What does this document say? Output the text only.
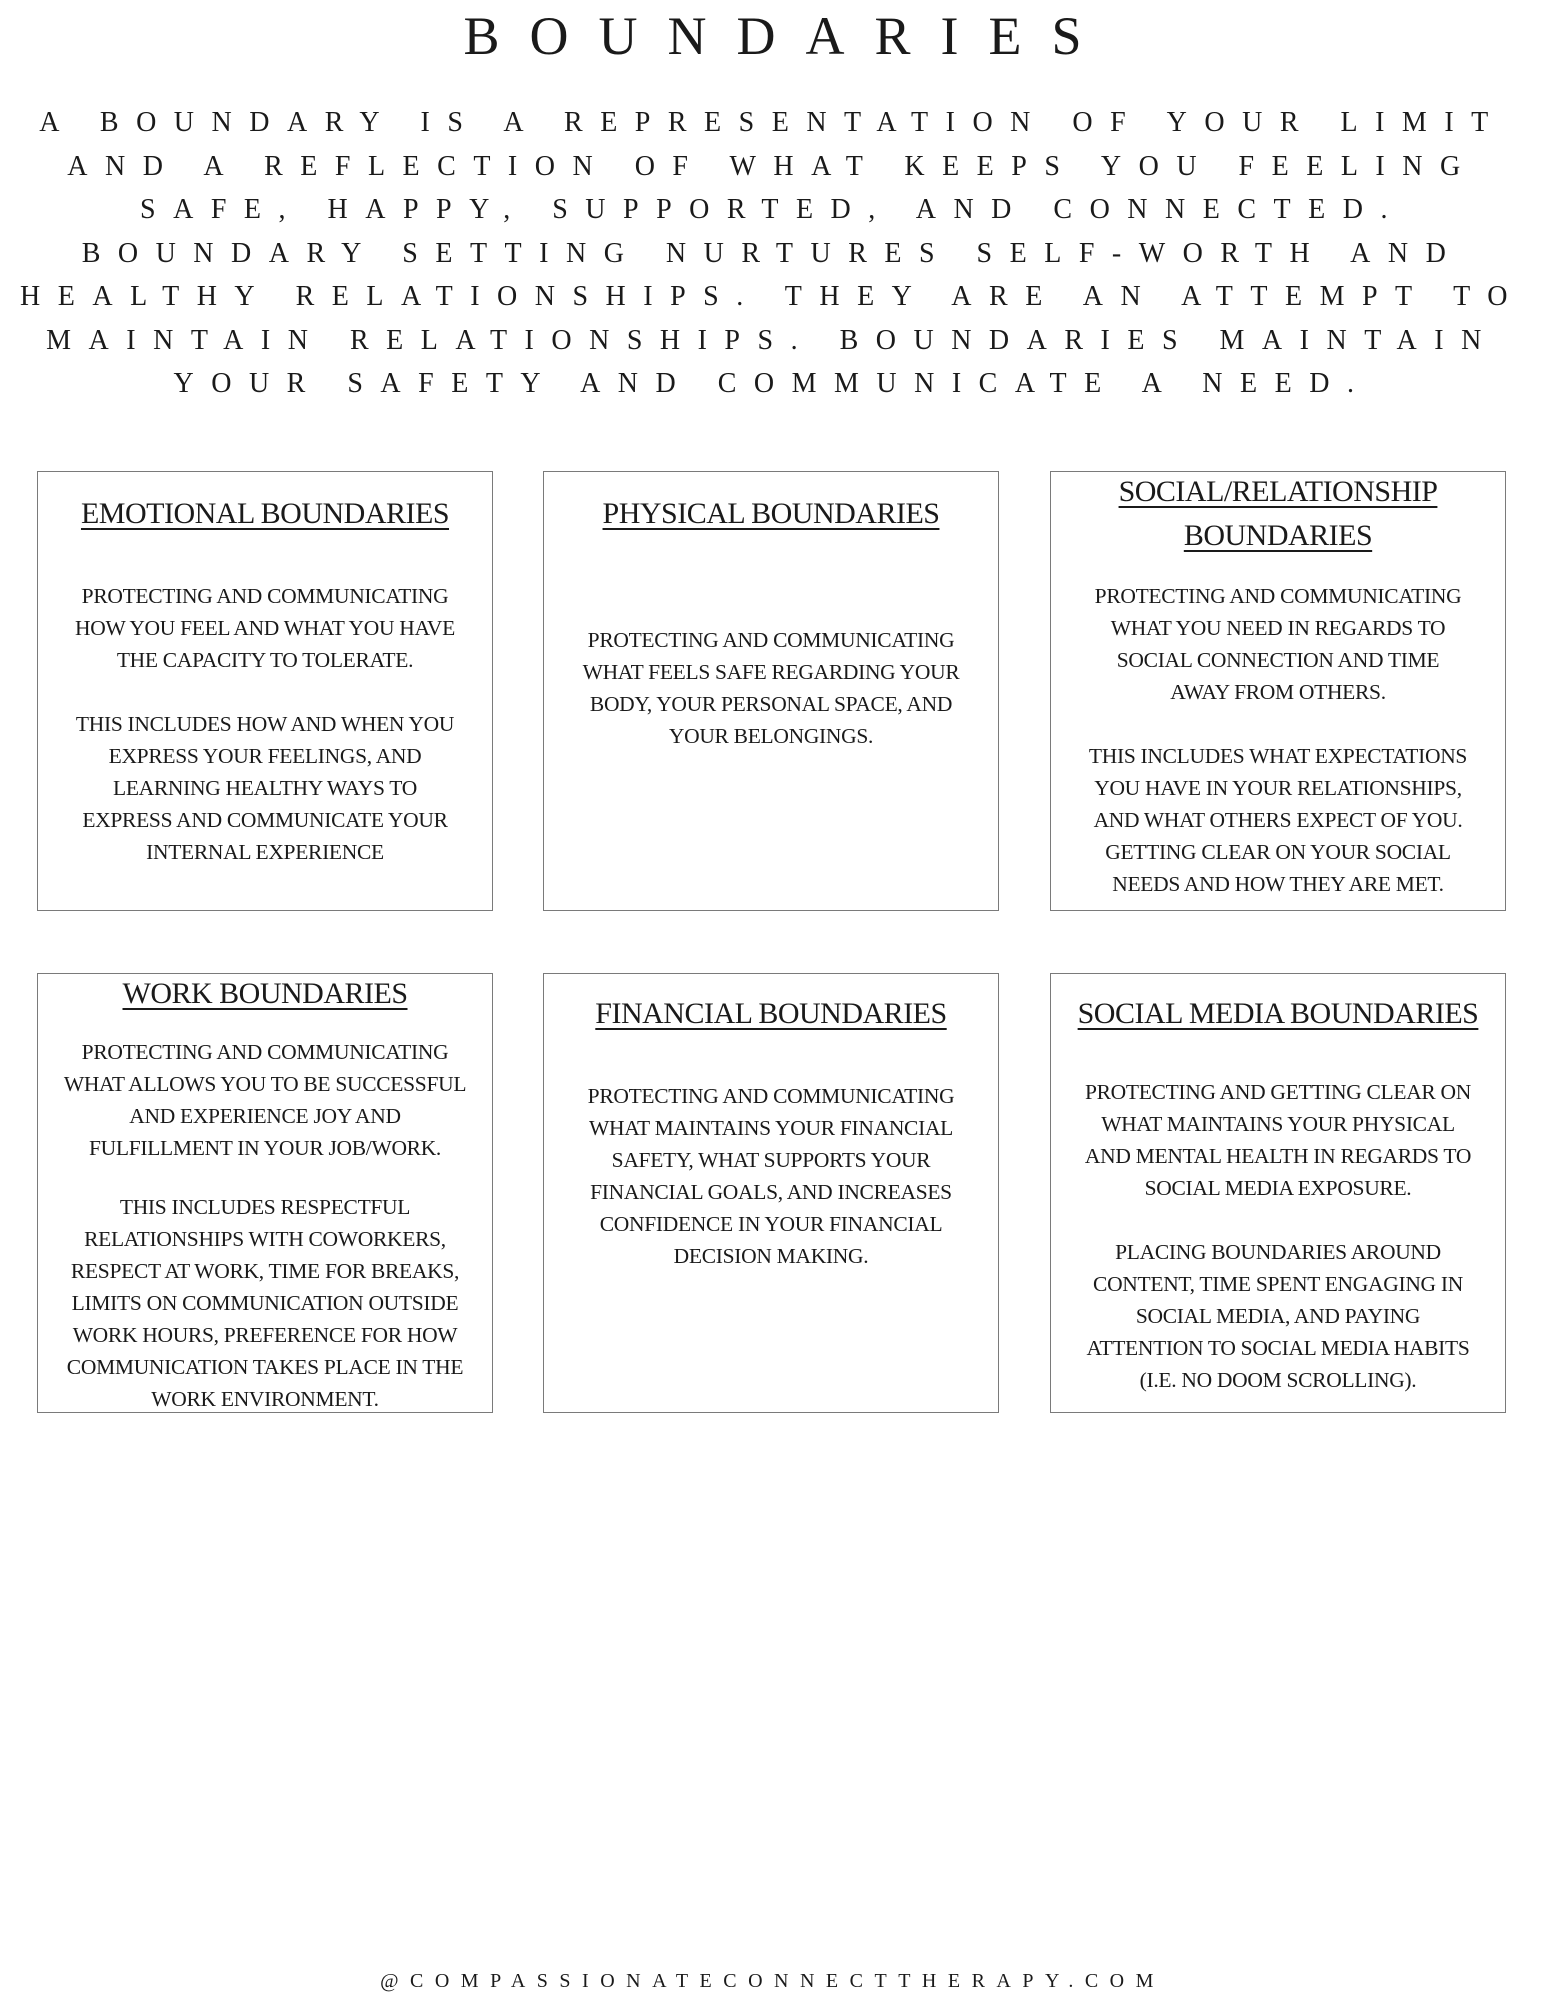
BOUNDARIES
A BOUNDARY IS A REPRESENTATION OF YOUR LIMIT
AND A REFLECTION OF WHAT KEEPS YOU FEELING
SAFE, HAPPY, SUPPORTED, AND CONNECTED.
BOUNDARY SETTING NURTURES SELF-WORTH AND
HEALTHY RELATIONSHIPS. THEY ARE AN ATTEMPT TO
MAINTAIN RELATIONSHIPS. BOUNDARIES MAINTAIN
YOUR SAFETY AND COMMUNICATE A NEED.
EMOTIONAL BOUNDARIES

PROTECTING AND COMMUNICATING
HOW YOU FEEL AND WHAT YOU HAVE
THE CAPACITY TO TOLERATE.

THIS INCLUDES HOW AND WHEN YOU
EXPRESS YOUR FEELINGS, AND
LEARNING HEALTHY WAYS TO
EXPRESS AND COMMUNICATE YOUR
INTERNAL EXPERIENCE

PHYSICAL BOUNDARIES

PROTECTING AND COMMUNICATING
WHAT FEELS SAFE REGARDING YOUR
BODY, YOUR PERSONAL SPACE, AND
YOUR BELONGINGS.

SOCIAL/RELATIONSHIP
BOUNDARIES

PROTECTING AND COMMUNICATING
WHAT YOU NEED IN REGARDS TO
SOCIAL CONNECTION AND TIME
AWAY FROM OTHERS.

THIS INCLUDES WHAT EXPECTATIONS
YOU HAVE IN YOUR RELATIONSHIPS,
AND WHAT OTHERS EXPECT OF YOU.
GETTING CLEAR ON YOUR SOCIAL
NEEDS AND HOW THEY ARE MET.

WORK BOUNDARIES

PROTECTING AND COMMUNICATING
WHAT ALLOWS YOU TO BE SUCCESSFUL
AND EXPERIENCE JOY AND
FULFILLMENT IN YOUR JOB/WORK.

THIS INCLUDES RESPECTFUL
RELATIONSHIPS WITH COWORKERS,
RESPECT AT WORK, TIME FOR BREAKS,
LIMITS ON COMMUNICATION OUTSIDE
WORK HOURS, PREFERENCE FOR HOW
COMMUNICATION TAKES PLACE IN THE
WORK ENVIRONMENT.

FINANCIAL BOUNDARIES

PROTECTING AND COMMUNICATING
WHAT MAINTAINS YOUR FINANCIAL
SAFETY, WHAT SUPPORTS YOUR
FINANCIAL GOALS, AND INCREASES
CONFIDENCE IN YOUR FINANCIAL
DECISION MAKING.

SOCIAL MEDIA BOUNDARIES

PROTECTING AND GETTING CLEAR ON
WHAT MAINTAINS YOUR PHYSICAL
AND MENTAL HEALTH IN REGARDS TO
SOCIAL MEDIA EXPOSURE.

PLACING BOUNDARIES AROUND
CONTENT, TIME SPENT ENGAGING IN
SOCIAL MEDIA, AND PAYING
ATTENTION TO SOCIAL MEDIA HABITS
(I.E. NO DOOM SCROLLING).

@COMPASSIONATECONNECTTHERAPY.COM
